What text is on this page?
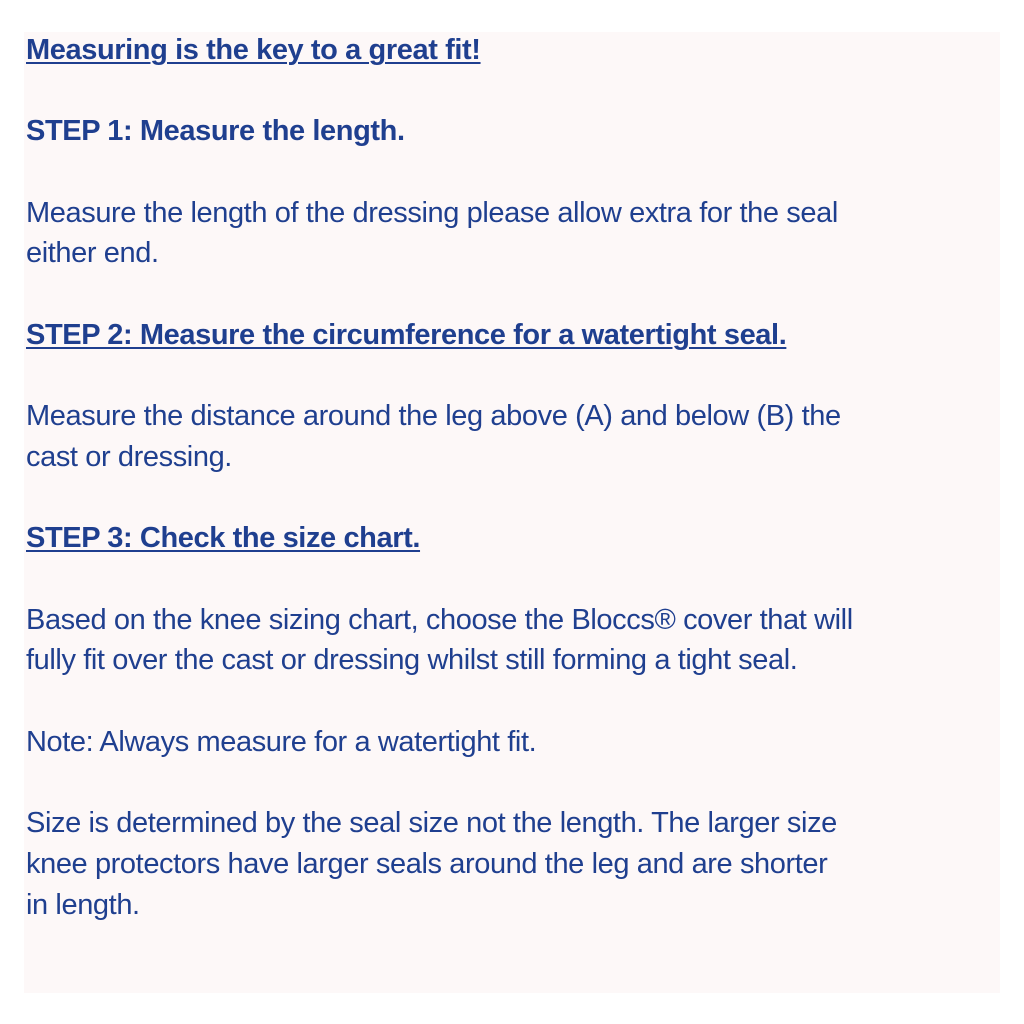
Measuring is the key to a great fit!
STEP 1: Measure the length.
Measure the length of the dressing please allow extra for the seal
either end.
STEP 2: Measure the circumference for a watertight seal.
Measure the distance around the leg above (A) and below (B) the
cast or dressing.
STEP 3: Check the size chart.
Based on the knee sizing chart, choose the Bloccs® cover that will
fully fit over the cast or dressing whilst still forming a tight seal.
Note: Always measure for a watertight fit.
Size is determined by the seal size not the length. The larger size
knee protectors have larger seals around the leg and are shorter
in length.
